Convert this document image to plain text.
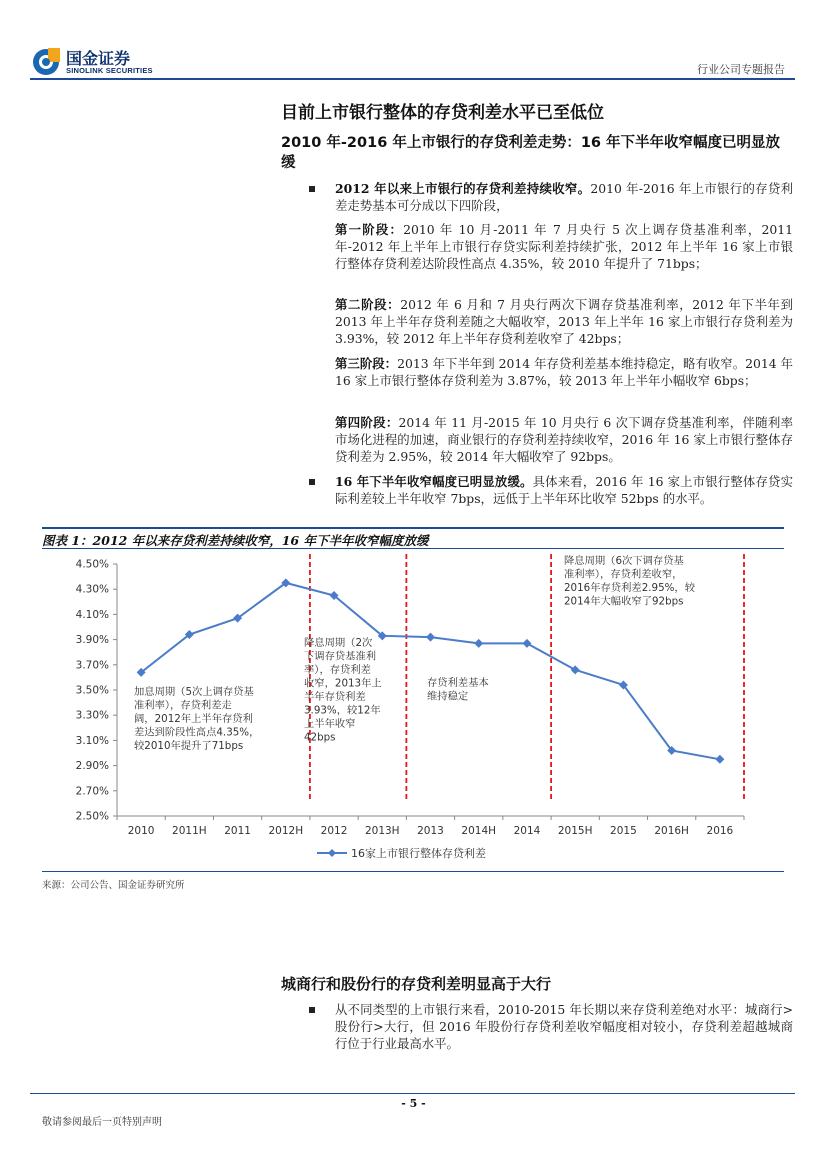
国金证券
SINOLINK SECURITIES	行业公司专题报告
目前上市银行整体的存贷利差水平已至低位
2010 年-2016 年上市银行的存贷利差走势：16 年下半年收窄幅度已明显放缓
2012 年以来上市银行的存贷利差持续收窄。2010 年-2016 年上市银行的存贷利差走势基本可分成以下四阶段，
第一阶段：2010 年 10 月-2011 年 7 月央行 5 次上调存贷基准利率，2011 年-2012 年上半年上市银行存贷实际利差持续扩张，2012 年上半年 16 家上市银行整体存贷利差达阶段性高点 4.35%，较 2010 年提升了 71bps；
第二阶段：2012 年 6 月和 7 月央行两次下调存贷基准利率，2012 年下半年到 2013 年上半年存贷利差随之大幅收窄，2013 年上半年 16 家上市银行存贷利差为 3.93%，较 2012 年上半年存贷利差收窄了 42bps；
第三阶段：2013 年下半年到 2014 年存贷利差基本维持稳定，略有收窄。2014 年 16 家上市银行整体存贷利差为 3.87%，较 2013 年上半年小幅收窄 6bps；
第四阶段：2014 年 11 月-2015 年 10 月央行 6 次下调存贷基准利率，伴随利率市场化进程的加速，商业银行的存贷利差持续收窄，2016 年 16 家上市银行整体存贷利差为 2.95%，较 2014 年大幅收窄了 92bps。
16 年下半年收窄幅度已明显放缓。具体来看，2016 年 16 家上市银行整体存贷实际利差较上半年收窄 7bps，远低于上半年环比收窄 52bps 的水平。
图表 1：2012 年以来存贷利差持续收窄，16 年下半年收窄幅度放缓
2.50%
2.70%
2.90%
3.10%
3.30%
3.50%
3.70%
3.90%
4.10%
4.30%
4.50%
2010 2011H 2011 2012H 2012 2013H 2013 2014H 2014 2015H 2015 2016H 2016
加息周期（5次上调存贷基
准利率），存贷利差走
阔，2012年上半年存贷利
差达到阶段性高点4.35%，
较2010年提升了71bps
降息周期（2次
下调存贷基准利
率），存贷利差
收窄，2013年上
半年存贷利差
3.93%，较12年
上半年收窄
42bps
存贷利差基本
维持稳定
降息周期（6次下调存贷基
准利率），存贷利差收窄，
2016年存贷利差2.95%，较
2014年大幅收窄了92bps
16家上市银行整体存贷利差
来源：公司公告、国金证券研究所
城商行和股份行的存贷利差明显高于大行
从不同类型的上市银行来看，2010-2015 年长期以来存贷利差绝对水平：城商行>股份行>大行，但 2016 年股份行存贷利差收窄幅度相对较小，存贷利差超越城商行位于行业最高水平。
- 5 -
敬请参阅最后一页特别声明
